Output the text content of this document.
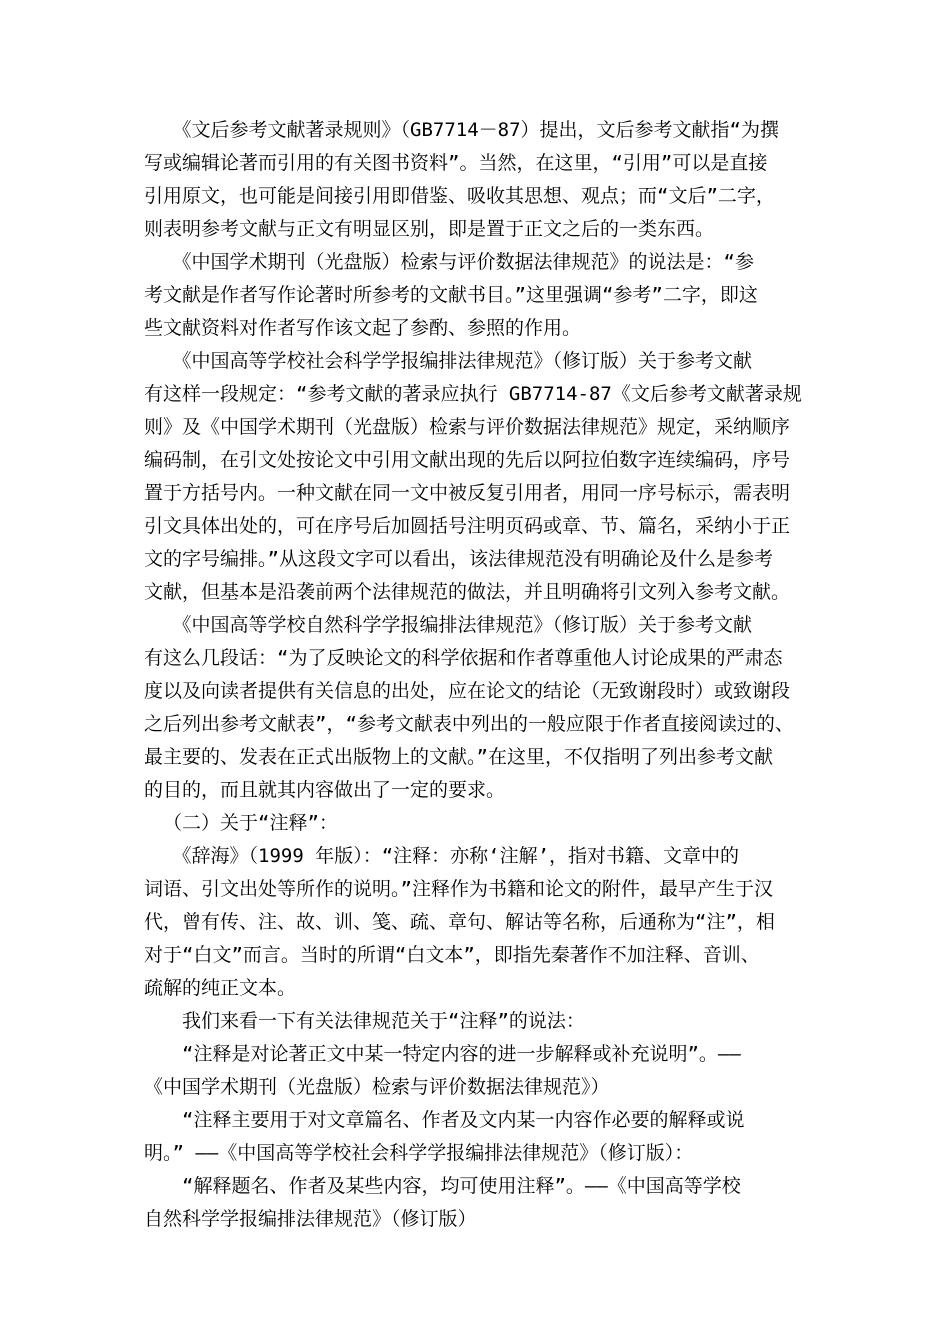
　　《文后参考文献著录规则》（GB7714－87）提出，文后参考文献指“为撰

写或编辑论著而引用的有关图书资料”。当然，在这里，“引用”可以是直接

引用原文，也可能是间接引用即借鉴、吸收其思想、观点；而“文后”二字，

则表明参考文献与正文有明显区别，即是置于正文之后的一类东西。

　　《中国学术期刊（光盘版）检索与评价数据法律规范》的说法是：“参

考文献是作者写作论著时所参考的文献书目。”这里强调“参考”二字，即这

些文献资料对作者写作该文起了参酌、参照的作用。

　　《中国高等学校社会科学学报编排法律规范》（修订版）关于参考文献

有这样一段规定：“参考文献的著录应执行 GB7714-87《文后参考文献著录规

则》及《中国学术期刊（光盘版）检索与评价数据法律规范》规定，采纳顺序

编码制，在引文处按论文中引用文献出现的先后以阿拉伯数字连续编码，序号

置于方括号内。一种文献在同一文中被反复引用者，用同一序号标示，需表明

引文具体出处的，可在序号后加圆括号注明页码或章、节、篇名，采纳小于正

文的字号编排。”从这段文字可以看出，该法律规范没有明确论及什么是参考

文献，但基本是沿袭前两个法律规范的做法，并且明确将引文列入参考文献。

　　《中国高等学校自然科学学报编排法律规范》（修订版）关于参考文献

有这么几段话：“为了反映论文的科学依据和作者尊重他人讨论成果的严肃态

度以及向读者提供有关信息的出处，应在论文的结论（无致谢段时）或致谢段

之后列出参考文献表”，“参考文献表中列出的一般应限于作者直接阅读过的、

最主要的、发表在正式出版物上的文献。”在这里，不仅指明了列出参考文献

的目的，而且就其内容做出了一定的要求。

（二）关于“注释”：

　　《辞海》（1999 年版）：“注释：亦称‘注解’，指对书籍、文章中的

词语、引文出处等所作的说明。”注释作为书籍和论文的附件，最早产生于汉

代，曾有传、注、故、训、笺、疏、章句、解诂等名称，后通称为“注”，相

对于“白文”而言。当时的所谓“白文本”，即指先秦著作不加注释、音训、

疏解的纯正文本。

　　我们来看一下有关法律规范关于“注释”的说法：

　　“注释是对论著正文中某一特定内容的进一步解释或补充说明”。——

《中国学术期刊（光盘版）检索与评价数据法律规范》）

　　“注释主要用于对文章篇名、作者及文内某一内容作必要的解释或说

明。” ——《中国高等学校社会科学学报编排法律规范》（修订版）：

　　“解释题名、作者及某些内容，均可使用注释”。——《中国高等学校

自然科学学报编排法律规范》（修订版）
